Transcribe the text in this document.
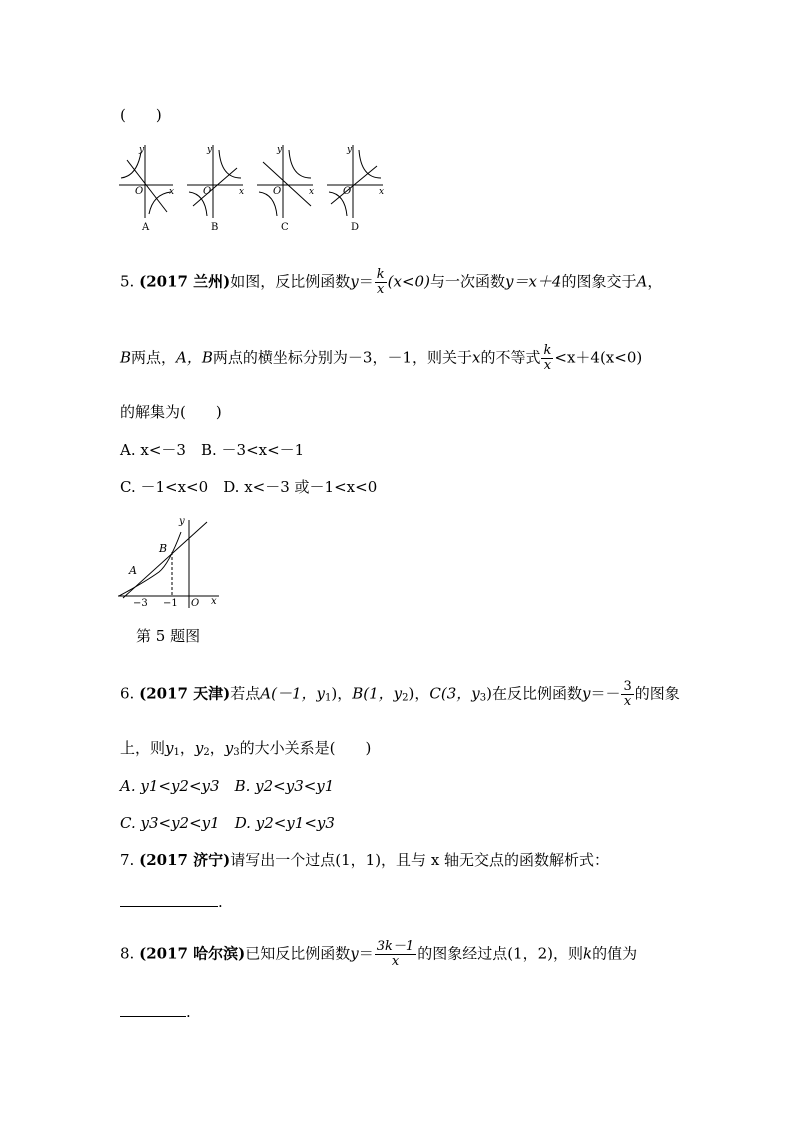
(　　)
y
x
O
A
y
x
O
B
y
x
O
C
y
x
O
D
5. (2017 兰州)如图，反比例函数$y= \frac{k}{x} (x<0)$与一次函数y＝x＋4的图象交于A，
B两点，A，B两点的横坐标分别为－3，－1，则关于x的不等式 $\frac{k}{x} <x+4(x<0)$
的解集为(　　)
A. x<－3　 B. －3<x<－1
C. －1<x<0　 D. x<－3 或－1<x<0
A
B
−3 −1 O x
y
第 5 题图
6. (2017 天津)若点A(－1，$y_1$)，B(1，$y_2$)，C(3，$y_3$)在反比例函数$y=- \frac{3}{x}$ 的图象
上，则$y_1$，$y_2$，$y_3$的大小关系是(　　)
A. y1<y2<y3　 B. y2<y3<y1
C. y3<y2<y1　 D. y2<y1<y3
7. (2017 济宁)请写出一个过点(1，1)，且与 x 轴无交点的函数解析式：
.
8. (2017 哈尔滨)已知反比例函数$y= \frac{3k-1}{x}$ 的图象经过点(1，2)，则k的值为
.
